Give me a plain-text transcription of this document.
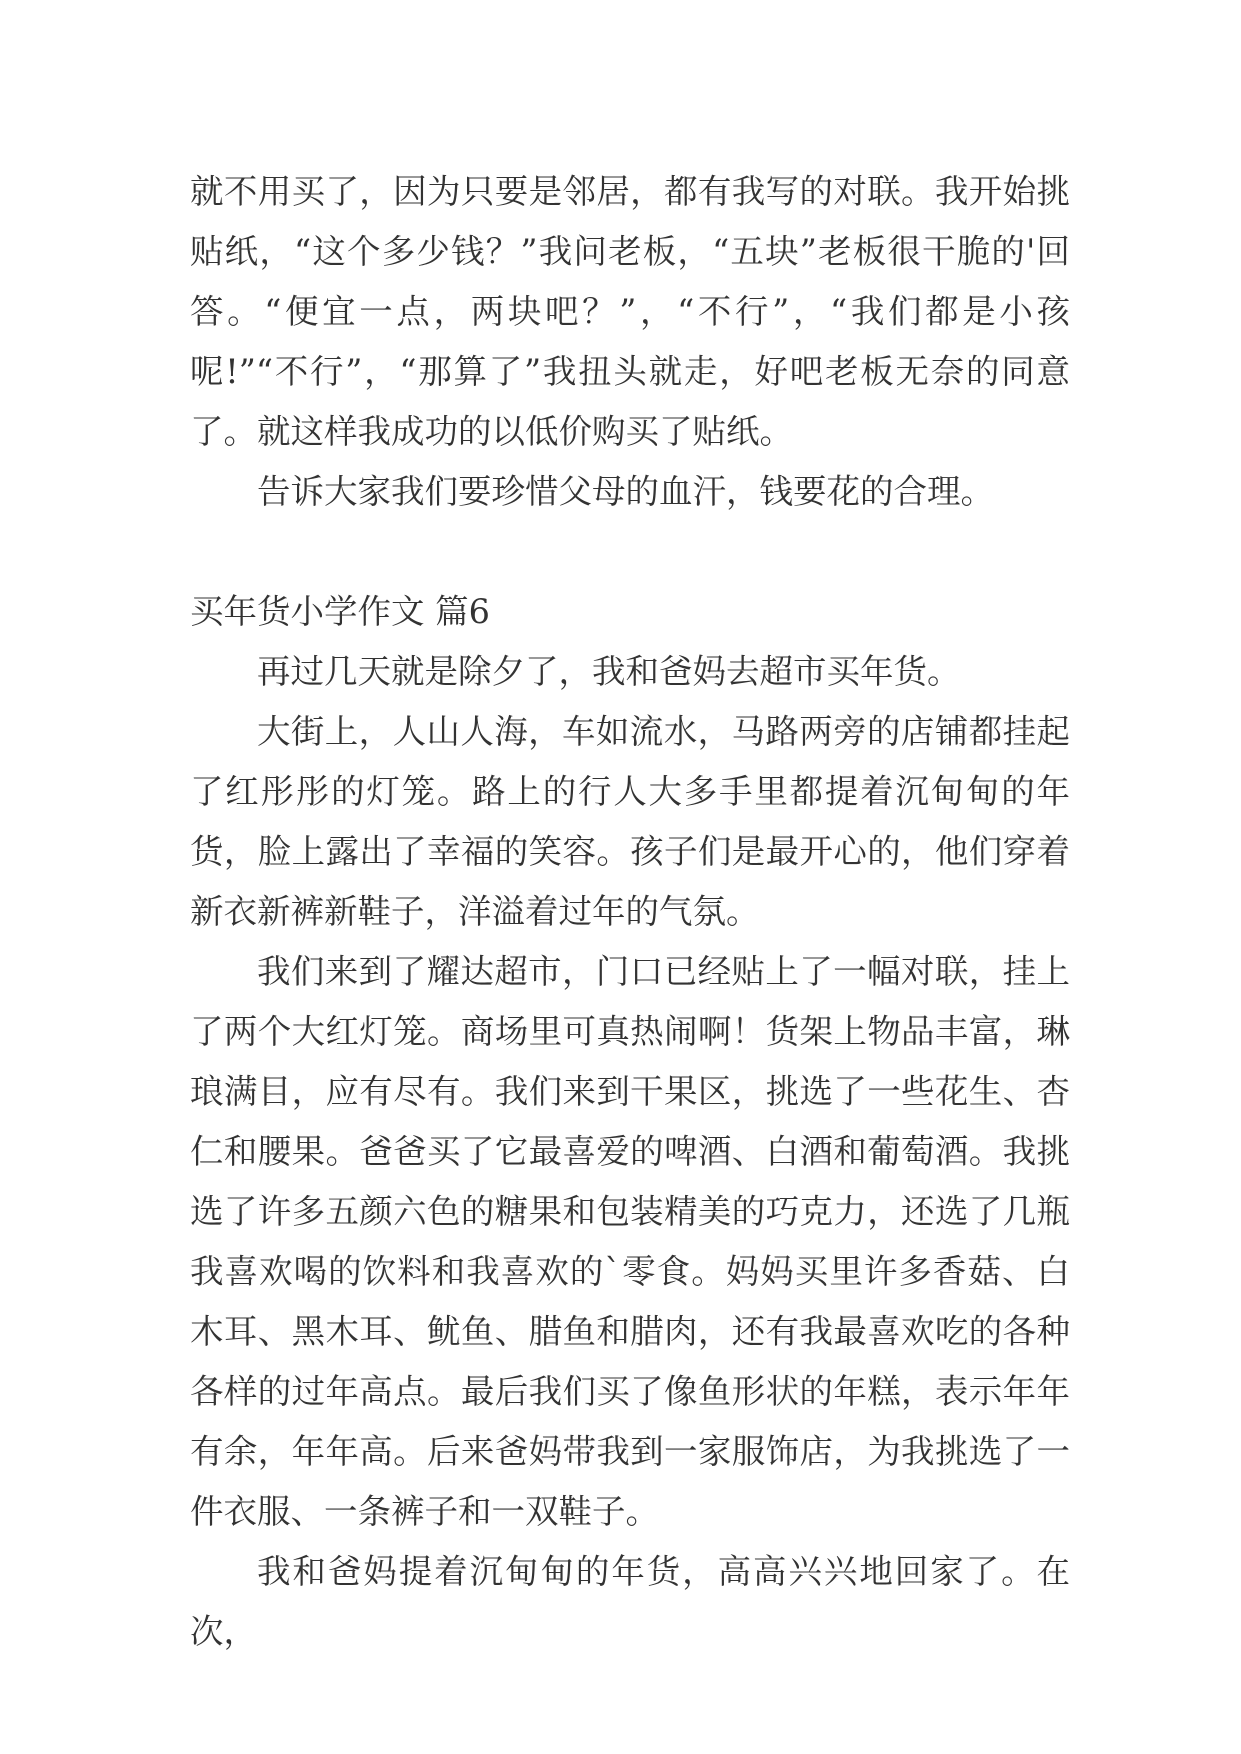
就不用买了，因为只要是邻居，都有我写的对联。我开始挑贴纸，“这个多少钱？”我问老板，“五块”老板很干脆的'回答。“便宜一点，两块吧？”，“不行”，“我们都是小孩呢!”“不行”，“那算了”我扭头就走，好吧老板无奈的同意了。就这样我成功的以低价购买了贴纸。

告诉大家我们要珍惜父母的血汗，钱要花的合理。

买年货小学作文 篇6

再过几天就是除夕了，我和爸妈去超市买年货。

大街上，人山人海，车如流水，马路两旁的店铺都挂起了红彤彤的灯笼。路上的行人大多手里都提着沉甸甸的年货，脸上露出了幸福的笑容。孩子们是最开心的，他们穿着新衣新裤新鞋子，洋溢着过年的气氛。

我们来到了耀达超市，门口已经贴上了一幅对联，挂上了两个大红灯笼。商场里可真热闹啊！货架上物品丰富，琳琅满目，应有尽有。我们来到干果区，挑选了一些花生、杏仁和腰果。爸爸买了它最喜爱的啤酒、白酒和葡萄酒。我挑选了许多五颜六色的糖果和包装精美的巧克力，还选了几瓶我喜欢喝的饮料和我喜欢的`零食。妈妈买里许多香菇、白木耳、黑木耳、鱿鱼、腊鱼和腊肉，还有我最喜欢吃的各种各样的过年高点。最后我们买了像鱼形状的年糕，表示年年有余，年年高。后来爸妈带我到一家服饰店，为我挑选了一件衣服、一条裤子和一双鞋子。

我和爸妈提着沉甸甸的年货，高高兴兴地回家了。在次，
